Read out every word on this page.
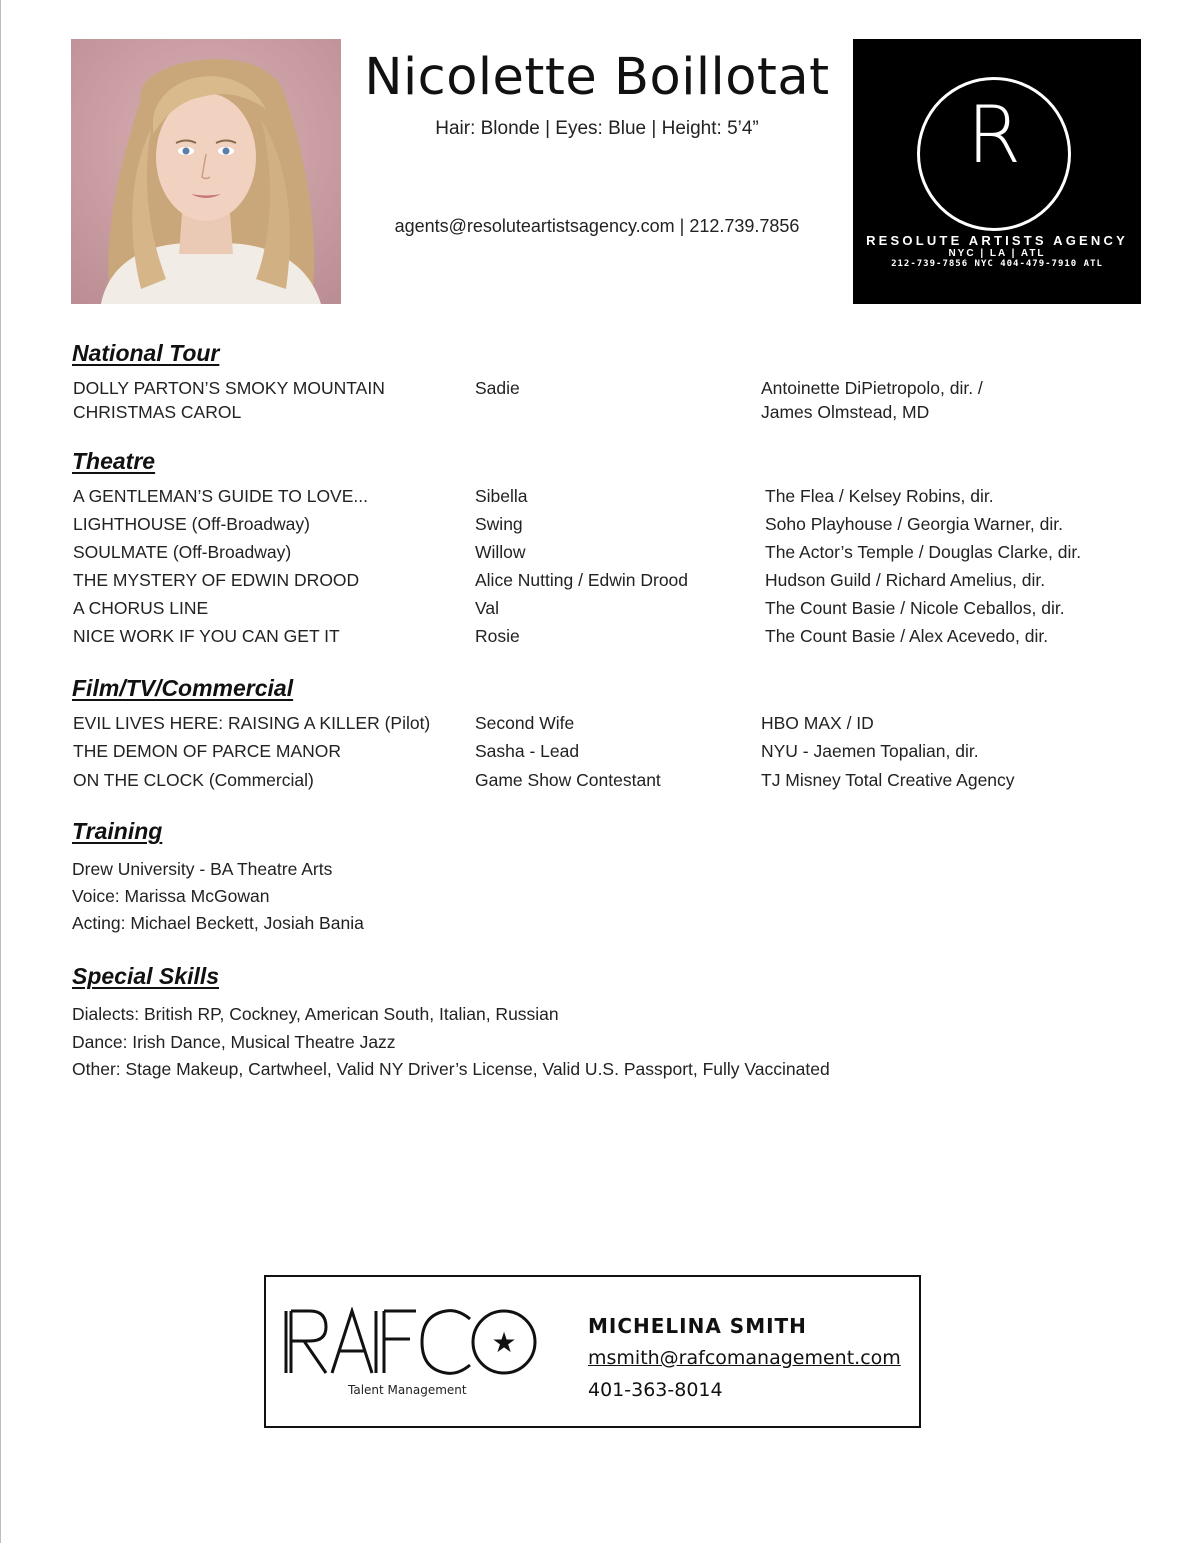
Nicolette Boillotat
Hair: Blonde | Eyes: Blue | Height: 5’4”
agents@resoluteartistsagency.com | 212.739.7856
R
RESOLUTE ARTISTS AGENCY
NYC | LA | ATL
212-739-7856 NYC 404-479-7910 ATL
National Tour
DOLLY PARTON’S SMOKY MOUNTAIN
CHRISTMAS CAROL
Sadie	Antoinette DiPietropolo, dir. /
James Olmstead, MD
Theatre
A GENTLEMAN’S GUIDE TO LOVE...	Sibella	The Flea / Kelsey Robins, dir.
LIGHTHOUSE (Off-Broadway)	Swing	Soho Playhouse / Georgia Warner, dir.
SOULMATE (Off-Broadway)	Willow	The Actor’s Temple / Douglas Clarke, dir.
THE MYSTERY OF EDWIN DROOD	Alice Nutting / Edwin Drood	Hudson Guild / Richard Amelius, dir.
A CHORUS LINE	Val	The Count Basie / Nicole Ceballos, dir.
NICE WORK IF YOU CAN GET IT	Rosie	The Count Basie / Alex Acevedo, dir.
Film/TV/Commercial
EVIL LIVES HERE: RAISING A KILLER (Pilot)	Second Wife	HBO MAX / ID
THE DEMON OF PARCE MANOR	Sasha - Lead	NYU - Jaemen Topalian, dir.
ON THE CLOCK (Commercial)	Game Show Contestant	TJ Misney Total Creative Agency
Training
Drew University - BA Theatre Arts
Voice: Marissa McGowan
Acting: Michael Beckett, Josiah Bania
Special Skills
Dialects: British RP, Cockney, American South, Italian, Russian
Dance: Irish Dance, Musical Theatre Jazz
Other: Stage Makeup, Cartwheel, Valid NY Driver’s License, Valid U.S. Passport, Fully Vaccinated
★
Talent Management
MICHELINA SMITH
msmith@rafcomanagement.com
401-363-8014
